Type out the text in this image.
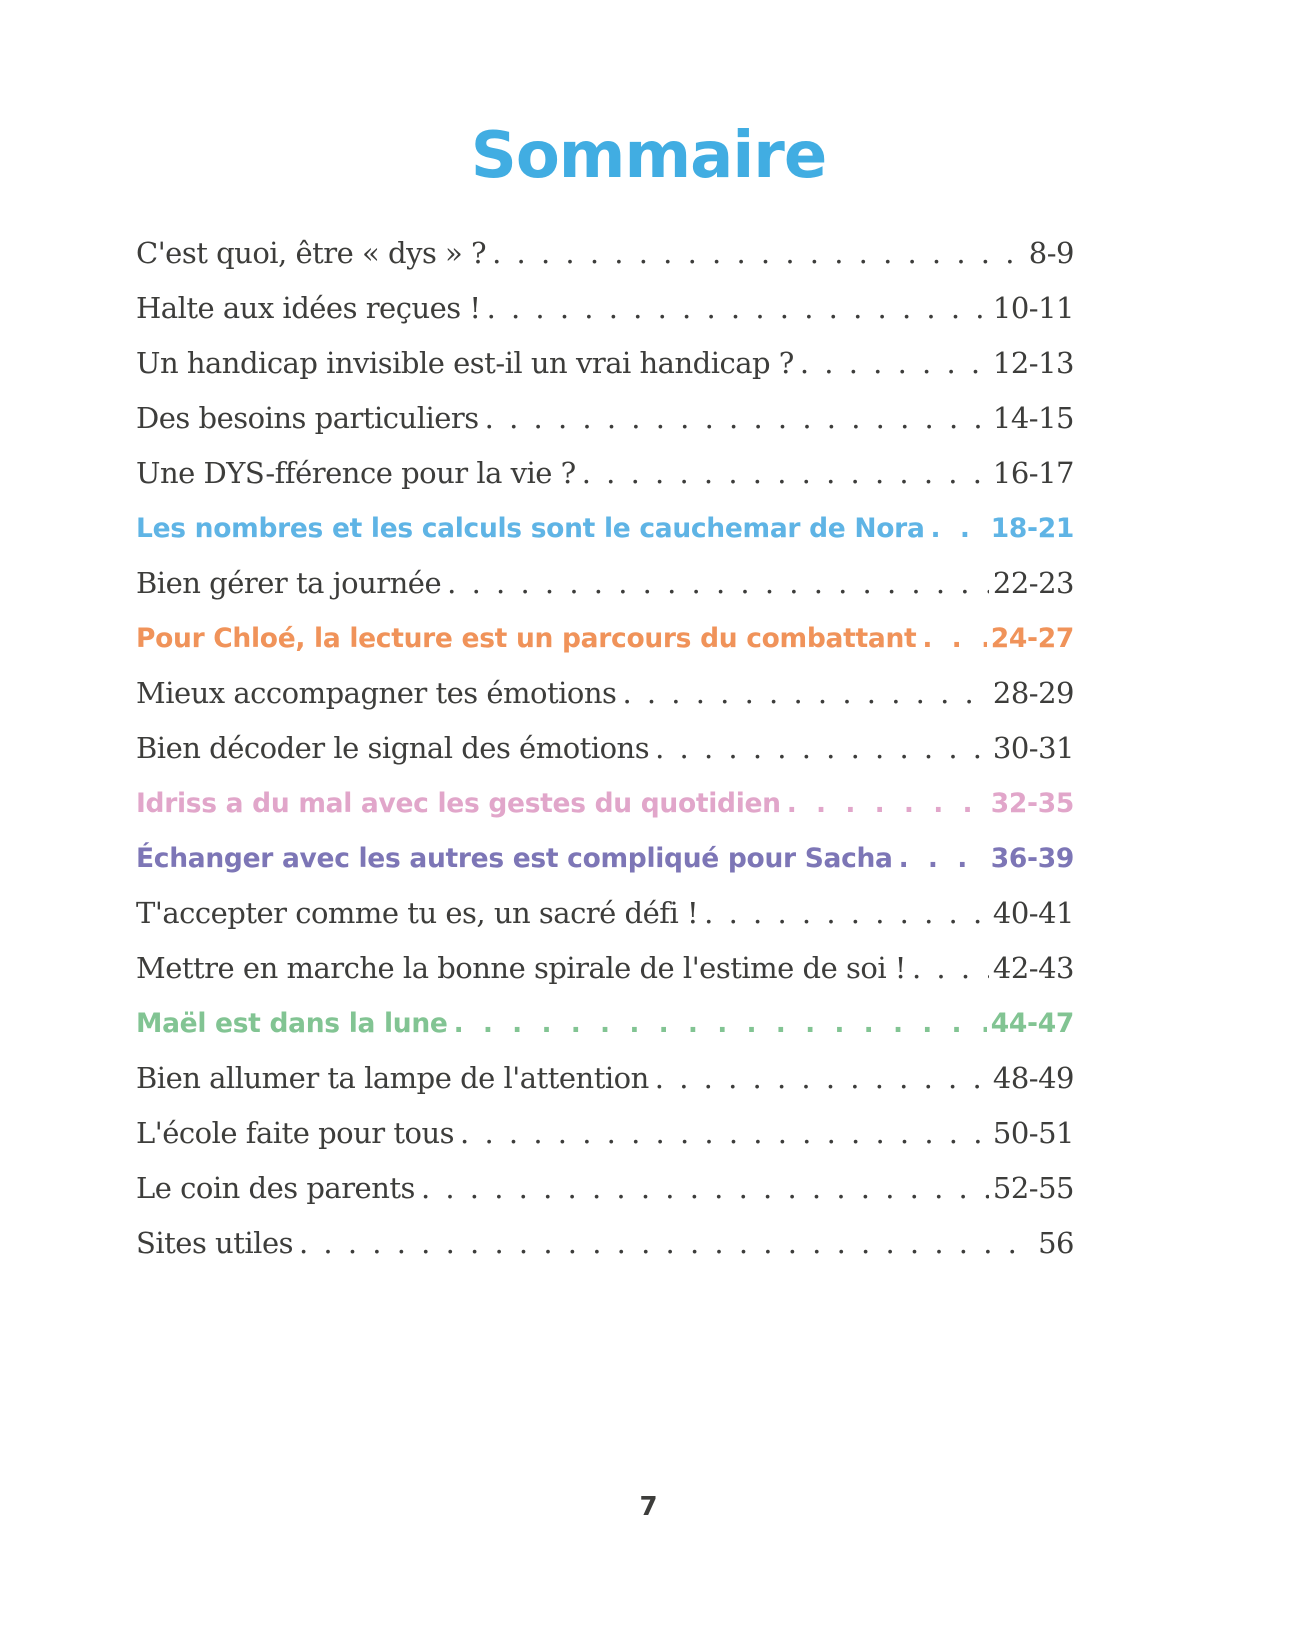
Sommaire
C'est quoi, être « dys » ? . . .	8-9
Halte aux idées reçues ! . . .	10-11
Un handicap invisible est-il un vrai handicap ? . . .	12-13
Des besoins particuliers . . .	14-15
Une DYS-fférence pour la vie ? . . .	16-17
Les nombres et les calculs sont le cauchemar de Nora . . . 18-21
Bien gérer ta journée . . .	22-23
Pour Chloé, la lecture est un parcours du combattant . . .	24-27
Mieux accompagner tes émotions . . .	28-29
Bien décoder le signal des émotions . . .	30-31
Idriss a du mal avec les gestes du quotidien . . .	32-35
Échanger avec les autres est compliqué pour Sacha . . .	36-39
T'accepter comme tu es, un sacré défi ! . . .	40-41
Mettre en marche la bonne spirale de l'estime de soi ! . . .	42-43
Maël est dans la lune . . .	44-47
Bien allumer ta lampe de l'attention . . .	48-49
L'école faite pour tous . . .	50-51
Le coin des parents . . .	52-55
Sites utiles . . .	56
7
